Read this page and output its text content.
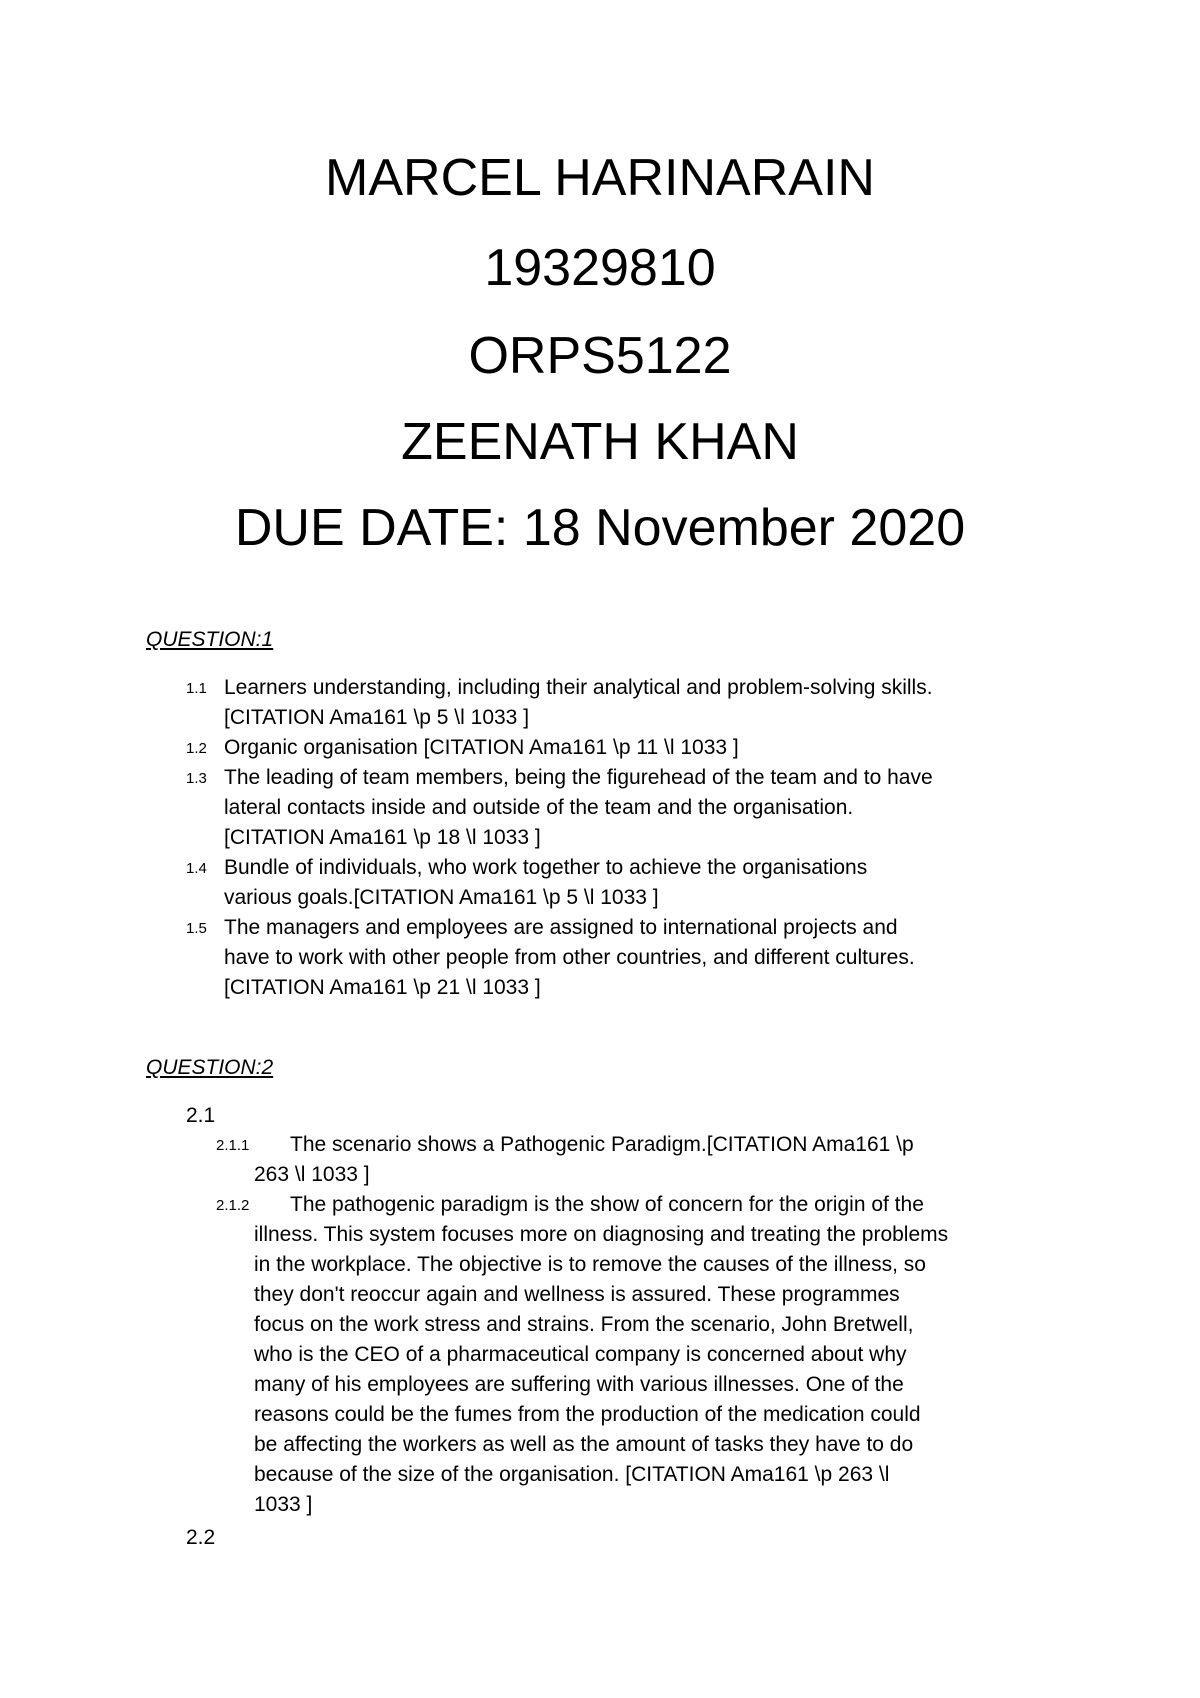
MARCEL HARINARAIN
19329810
ORPS5122
ZEENATH KHAN
DUE DATE: 18 November 2020
QUESTION:1
1.1 Learners understanding, including their analytical and problem-solving skills.
[CITATION Ama161 \p 5 \l 1033 ]
1.2 Organic organisation [CITATION Ama161 \p 11 \l 1033 ]
1.3 The leading of team members, being the figurehead of the team and to have
lateral contacts inside and outside of the team and the organisation.
[CITATION Ama161 \p 18 \l 1033 ]
1.4 Bundle of individuals, who work together to achieve the organisations
various goals.[CITATION Ama161 \p 5 \l 1033 ]
1.5 The managers and employees are assigned to international projects and
have to work with other people from other countries, and different cultures.
[CITATION Ama161 \p 21 \l 1033 ]
QUESTION:2
2.1
2.1.1 The scenario shows a Pathogenic Paradigm.[CITATION Ama161 \p
263 \l 1033 ]
2.1.2 The pathogenic paradigm is the show of concern for the origin of the
illness. This system focuses more on diagnosing and treating the problems
in the workplace. The objective is to remove the causes of the illness, so
they don't reoccur again and wellness is assured. These programmes
focus on the work stress and strains. From the scenario, John Bretwell,
who is the CEO of a pharmaceutical company is concerned about why
many of his employees are suffering with various illnesses. One of the
reasons could be the fumes from the production of the medication could
be affecting the workers as well as the amount of tasks they have to do
because of the size of the organisation. [CITATION Ama161 \p 263 \l
1033 ]
2.2
